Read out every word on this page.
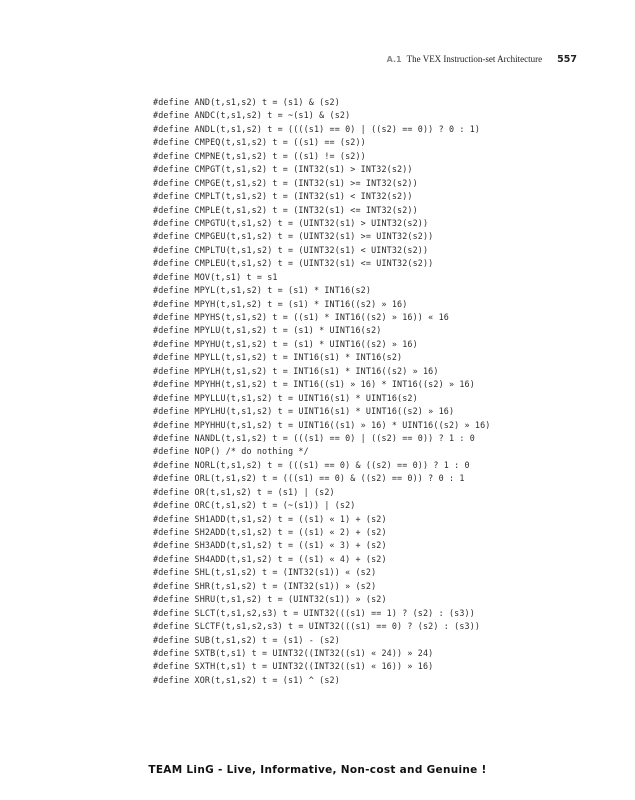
A.1 The VEX Instruction-set Architecture 557
#define AND(t,s1,s2) t = (s1) & (s2)
#define ANDC(t,s1,s2) t = ~(s1) & (s2)
#define ANDL(t,s1,s2) t = ((((s1) == 0) | ((s2) == 0)) ? 0 : 1)
#define CMPEQ(t,s1,s2) t = ((s1) == (s2))
#define CMPNE(t,s1,s2) t = ((s1) != (s2))
#define CMPGT(t,s1,s2) t = (INT32(s1) > INT32(s2))
#define CMPGE(t,s1,s2) t = (INT32(s1) >= INT32(s2))
#define CMPLT(t,s1,s2) t = (INT32(s1) < INT32(s2))
#define CMPLE(t,s1,s2) t = (INT32(s1) <= INT32(s2))
#define CMPGTU(t,s1,s2) t = (UINT32(s1) > UINT32(s2))
#define CMPGEU(t,s1,s2) t = (UINT32(s1) >= UINT32(s2))
#define CMPLTU(t,s1,s2) t = (UINT32(s1) < UINT32(s2))
#define CMPLEU(t,s1,s2) t = (UINT32(s1) <= UINT32(s2))
#define MOV(t,s1) t = s1
#define MPYL(t,s1,s2) t = (s1) * INT16(s2)
#define MPYH(t,s1,s2) t = (s1) * INT16((s2) » 16)
#define MPYHS(t,s1,s2) t = ((s1) * INT16((s2) » 16)) « 16
#define MPYLU(t,s1,s2) t = (s1) * UINT16(s2)
#define MPYHU(t,s1,s2) t = (s1) * UINT16((s2) » 16)
#define MPYLL(t,s1,s2) t = INT16(s1) * INT16(s2)
#define MPYLH(t,s1,s2) t = INT16(s1) * INT16((s2) » 16)
#define MPYHH(t,s1,s2) t = INT16((s1) » 16) * INT16((s2) » 16)
#define MPYLLU(t,s1,s2) t = UINT16(s1) * UINT16(s2)
#define MPYLHU(t,s1,s2) t = UINT16(s1) * UINT16((s2) » 16)
#define MPYHHU(t,s1,s2) t = UINT16((s1) » 16) * UINT16((s2) » 16)
#define NANDL(t,s1,s2) t = (((s1) == 0) | ((s2) == 0)) ? 1 : 0
#define NOP() /* do nothing */
#define NORL(t,s1,s2) t = (((s1) == 0) & ((s2) == 0)) ? 1 : 0
#define ORL(t,s1,s2) t = (((s1) == 0) & ((s2) == 0)) ? 0 : 1
#define OR(t,s1,s2) t = (s1) | (s2)
#define ORC(t,s1,s2) t = (~(s1)) | (s2)
#define SH1ADD(t,s1,s2) t = ((s1) « 1) + (s2)
#define SH2ADD(t,s1,s2) t = ((s1) « 2) + (s2)
#define SH3ADD(t,s1,s2) t = ((s1) « 3) + (s2)
#define SH4ADD(t,s1,s2) t = ((s1) « 4) + (s2)
#define SHL(t,s1,s2) t = (INT32(s1)) « (s2)
#define SHR(t,s1,s2) t = (INT32(s1)) » (s2)
#define SHRU(t,s1,s2) t = (UINT32(s1)) » (s2)
#define SLCT(t,s1,s2,s3) t = UINT32(((s1) == 1) ? (s2) : (s3))
#define SLCTF(t,s1,s2,s3) t = UINT32(((s1) == 0) ? (s2) : (s3))
#define SUB(t,s1,s2) t = (s1) - (s2)
#define SXTB(t,s1) t = UINT32((INT32((s1) « 24)) » 24)
#define SXTH(t,s1) t = UINT32((INT32((s1) « 16)) » 16)
#define XOR(t,s1,s2) t = (s1) ^ (s2)
TEAM LinG - Live, Informative, Non-cost and Genuine !
